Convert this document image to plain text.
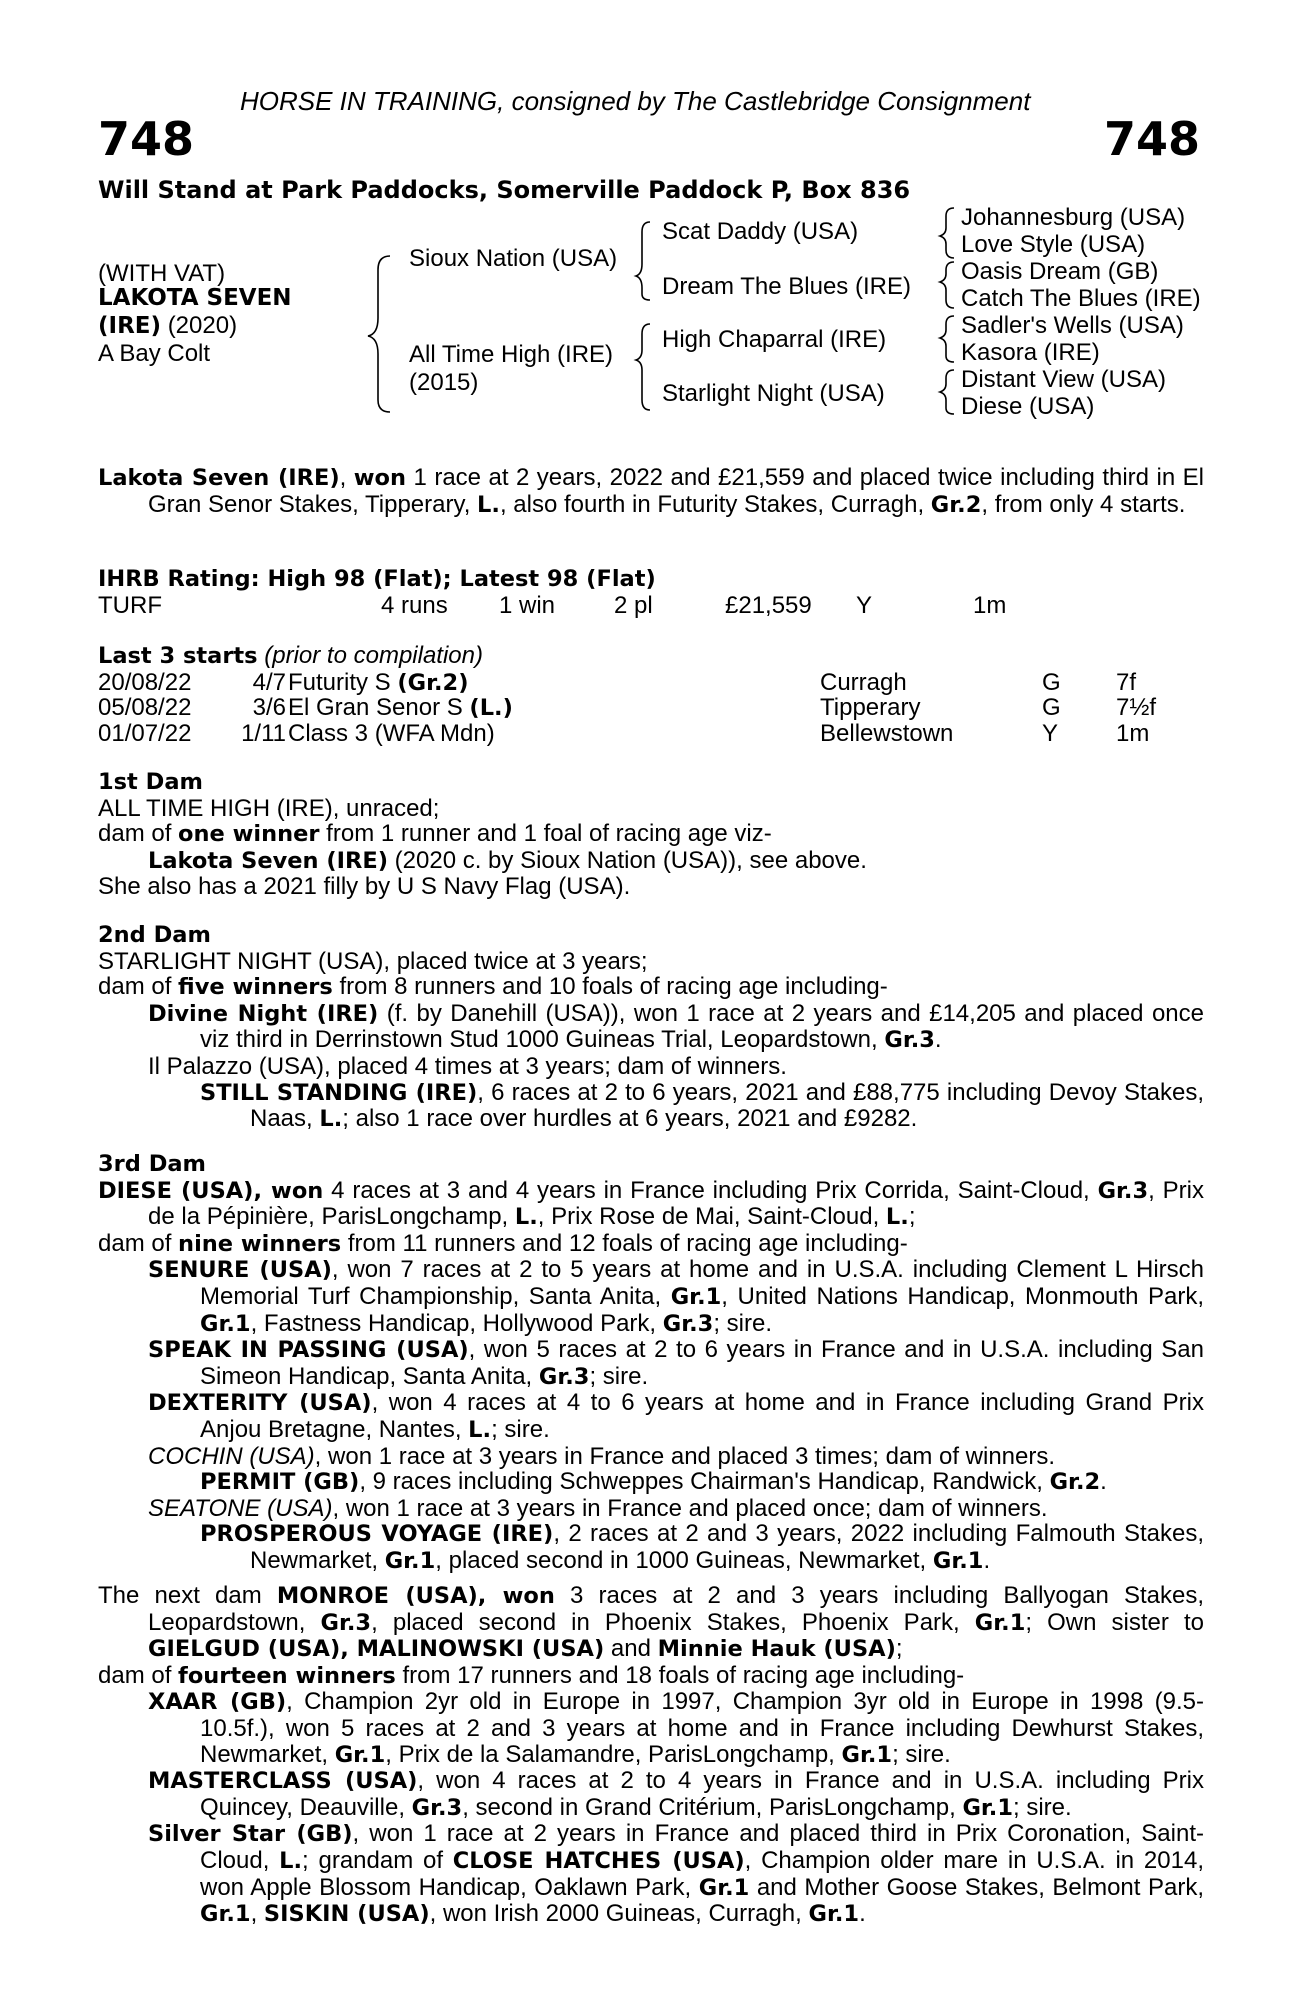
HORSE IN TRAINING, consigned by The Castlebridge Consignment
748	748
Will Stand at Park Paddocks, Somerville Paddock P, Box 836
(WITH VAT)
LAKOTA SEVEN
(IRE) (2020)
A Bay Colt
Sioux Nation (USA)
All Time High (IRE)
(2015)
Scat Daddy (USA)
Dream The Blues (IRE)
High Chaparral (IRE)
Starlight Night (USA)
Johannesburg (USA)
Love Style (USA)
Oasis Dream (GB)
Catch The Blues (IRE)
Sadler's Wells (USA)
Kasora (IRE)
Distant View (USA)
Diese (USA)

Lakota Seven (IRE), won 1 race at 2 years, 2022 and £21,559 and placed twice including third in El Gran Senor Stakes, Tipperary, L., also fourth in Futurity Stakes, Curragh, Gr.2, from only 4 starts.

IHRB Rating: High 98 (Flat); Latest 98 (Flat)
TURF	4 runs 1 win 2 pl	£21,559 Y	1m
Last 3 starts (prior to compilation)
20/08/22	4/7 Futurity S (Gr.2)	Curragh	G 7f
05/08/22	3/6 El Gran Senor S (L.)	Tipperary	G 7½f
01/07/22 1/11 Class 3 (WFA Mdn)	Bellewstown	Y 1m
1st Dam
ALL TIME HIGH (IRE), unraced;
dam of one winner from 1 runner and 1 foal of racing age viz-
Lakota Seven (IRE) (2020 c. by Sioux Nation (USA)), see above.
She also has a 2021 filly by U S Navy Flag (USA).
2nd Dam
STARLIGHT NIGHT (USA), placed twice at 3 years;
dam of five winners from 8 runners and 10 foals of racing age including-

Divine Night (IRE) (f. by Danehill (USA)), won 1 race at 2 years and £14,205 and placed once viz third in Derrinstown Stud 1000 Guineas Trial, Leopardstown, Gr.3.

Il Palazzo (USA), placed 4 times at 3 years; dam of winners.

STILL STANDING (IRE), 6 races at 2 to 6 years, 2021 and £88,775 including Devoy Stakes, Naas, L.; also 1 race over hurdles at 6 years, 2021 and £9282.

3rd Dam

DIESE (USA), won 4 races at 3 and 4 years in France including Prix Corrida, Saint-Cloud, Gr.3, Prix de la Pépinière, ParisLongchamp, L., Prix Rose de Mai, Saint-Cloud, L.;

dam of nine winners from 11 runners and 12 foals of racing age including-

SENURE (USA), won 7 races at 2 to 5 years at home and in U.S.A. including Clement L Hirsch Memorial Turf Championship, Santa Anita, Gr.1, United Nations Handicap, Monmouth Park, Gr.1, Fastness Handicap, Hollywood Park, Gr.3; sire.

SPEAK IN PASSING (USA), won 5 races at 2 to 6 years in France and in U.S.A. including San Simeon Handicap, Santa Anita, Gr.3; sire.

DEXTERITY (USA), won 4 races at 4 to 6 years at home and in France including Grand Prix Anjou Bretagne, Nantes, L.; sire.

COCHIN (USA), won 1 race at 3 years in France and placed 3 times; dam of winners.
PERMIT (GB), 9 races including Schweppes Chairman's Handicap, Randwick, Gr.2.
SEATONE (USA), won 1 race at 3 years in France and placed once; dam of winners.

PROSPEROUS VOYAGE (IRE), 2 races at 2 and 3 years, 2022 including Falmouth Stakes, Newmarket, Gr.1, placed second in 1000 Guineas, Newmarket, Gr.1.

The next dam MONROE (USA), won 3 races at 2 and 3 years including Ballyogan Stakes, Leopardstown, Gr.3, placed second in Phoenix Stakes, Phoenix Park, Gr.1; Own sister to GIELGUD (USA), MALINOWSKI (USA) and Minnie Hauk (USA);

dam of fourteen winners from 17 runners and 18 foals of racing age including-

XAAR (GB), Champion 2yr old in Europe in 1997, Champion 3yr old in Europe in 1998 (9.5-10.5f.), won 5 races at 2 and 3 years at home and in France including Dewhurst Stakes, Newmarket, Gr.1, Prix de la Salamandre, ParisLongchamp, Gr.1; sire.

MASTERCLASS (USA), won 4 races at 2 to 4 years in France and in U.S.A. including Prix Quincey, Deauville, Gr.3, second in Grand Critérium, ParisLongchamp, Gr.1; sire.

Silver Star (GB), won 1 race at 2 years in France and placed third in Prix Coronation, Saint-Cloud, L.; grandam of CLOSE HATCHES (USA), Champion older mare in U.S.A. in 2014, won Apple Blossom Handicap, Oaklawn Park, Gr.1 and Mother Goose Stakes, Belmont Park, Gr.1, SISKIN (USA), won Irish 2000 Guineas, Curragh, Gr.1.
